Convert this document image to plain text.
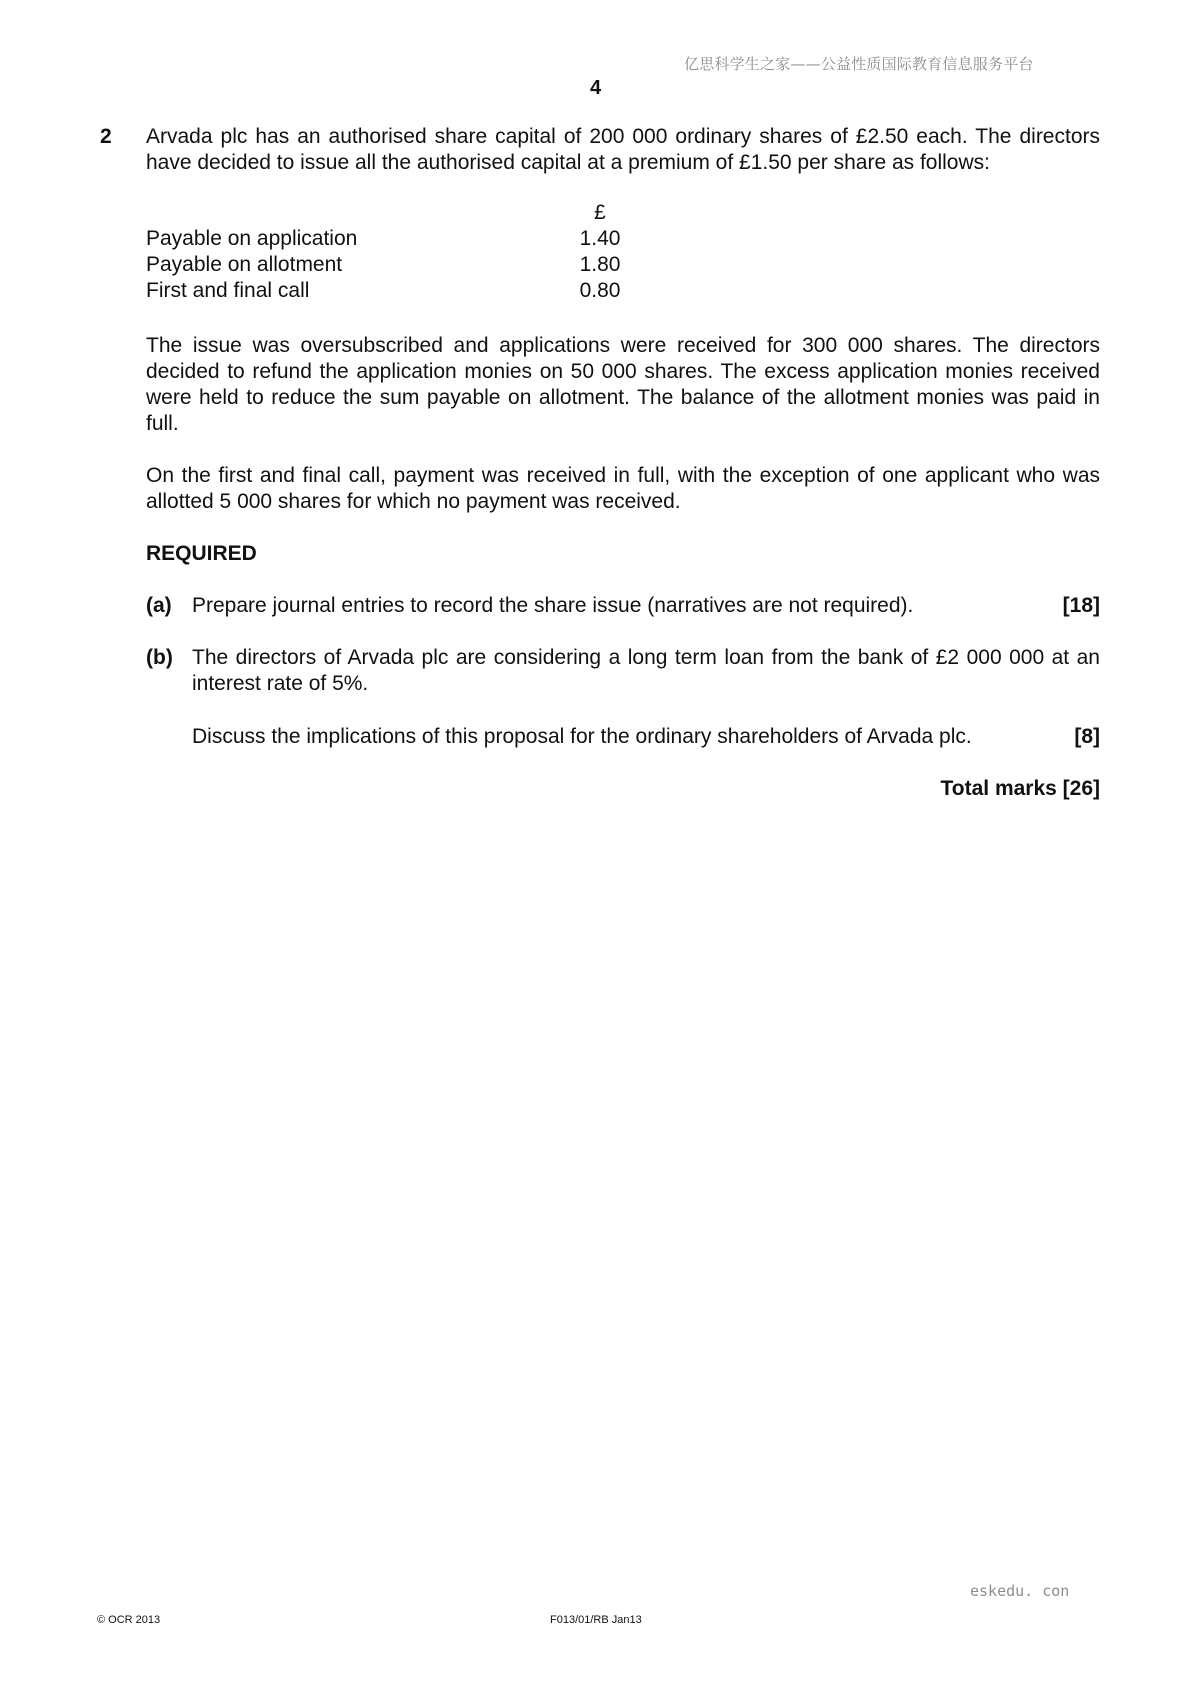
亿思科学生之家——公益性质国际教育信息服务平台
4
2 Arvada plc has an authorised share capital of 200 000 ordinary shares of £2.50 each. The directors have decided to issue all the authorised capital at a premium of £1.50 per share as follows:
£
Payable on application	1.40
Payable on allotment	1.80
First and final call	0.80
The issue was oversubscribed and applications were received for 300 000 shares. The directors decided to refund the application monies on 50 000 shares. The excess application monies received were held to reduce the sum payable on allotment. The balance of the allotment monies was paid in full.
On the first and final call, payment was received in full, with the exception of one applicant who was allotted 5 000 shares for which no payment was received.
REQUIRED
(a) Prepare journal entries to record the share issue (narratives are not required).	[18]
(b) The directors of Arvada plc are considering a long term loan from the bank of £2 000 000 at an interest rate of 5%.
Discuss the implications of this proposal for the ordinary shareholders of Arvada plc.	[8]
Total marks [26]
eskedu. con
© OCR 2013	F013/01/RB Jan13
